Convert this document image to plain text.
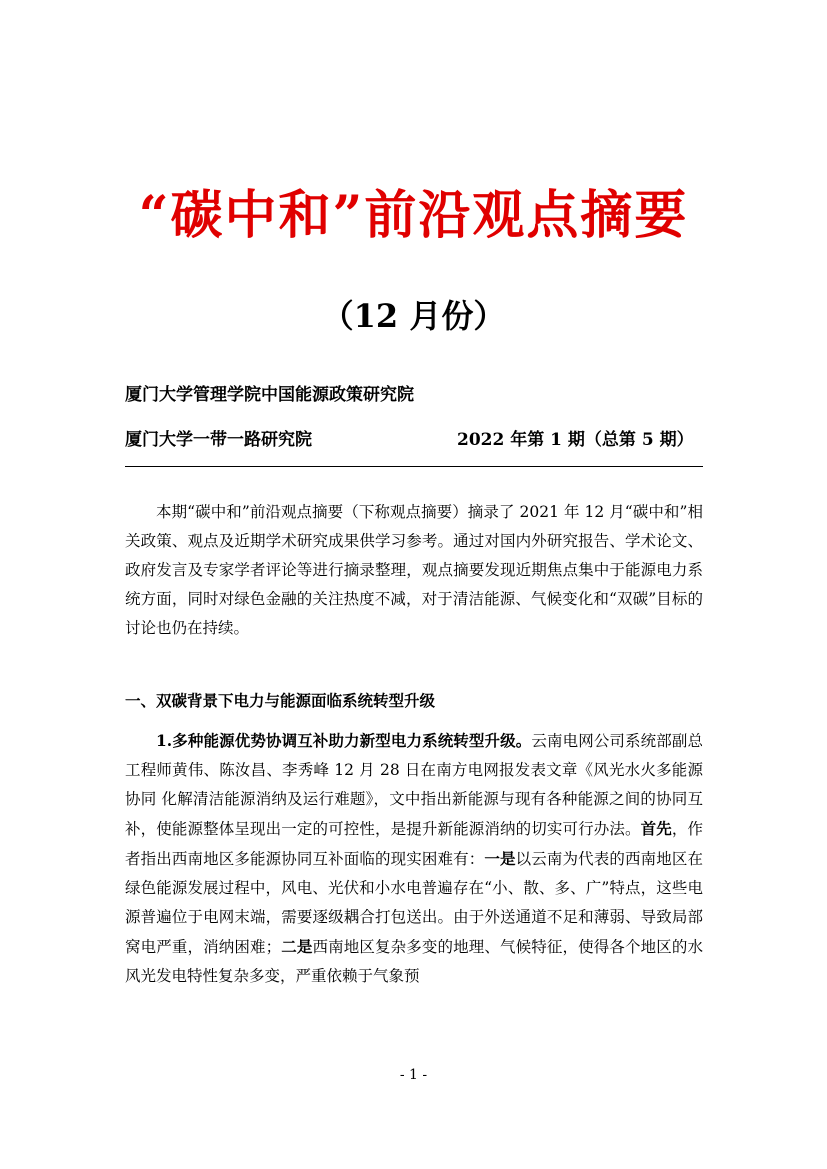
“碳中和”前沿观点摘要
（12 月份）
厦门大学管理学院中国能源政策研究院
厦门大学一带一路研究院	2022 年第 1 期（总第 5 期）

本期“碳中和”前沿观点摘要（下称观点摘要）摘录了 2021 年 12 月“碳中和”相关政策、观点及近期学术研究成果供学习参考。通过对国内外研究报告、学术论文、政府发言及专家学者评论等进行摘录整理，观点摘要发现近期焦点集中于能源电力系统方面，同时对绿色金融的关注热度不减，对于清洁能源、气候变化和“双碳”目标的讨论也仍在持续。

一、双碳背景下电力与能源面临系统转型升级

1.多种能源优势协调互补助力新型电力系统转型升级。云南电网公司系统部副总工程师黄伟、陈汝昌、李秀峰 12 月 28 日在南方电网报发表文章《风光水火多能源协同 化解清洁能源消纳及运行难题》，文中指出新能源与现有各种能源之间的协同互补，使能源整体呈现出一定的可控性，是提升新能源消纳的切实可行办法。首先，作者指出西南地区多能源协同互补面临的现实困难有：一是以云南为代表的西南地区在绿色能源发展过程中，风电、光伏和小水电普遍存在“小、散、多、广”特点，这些电源普遍位于电网末端，需要逐级耦合打包送出。由于外送通道不足和薄弱、导致局部窝电严重，消纳困难；二是西南地区复杂多变的地理、气候特征，使得各个地区的水风光发电特性复杂多变，严重依赖于气象预

- 1 -
